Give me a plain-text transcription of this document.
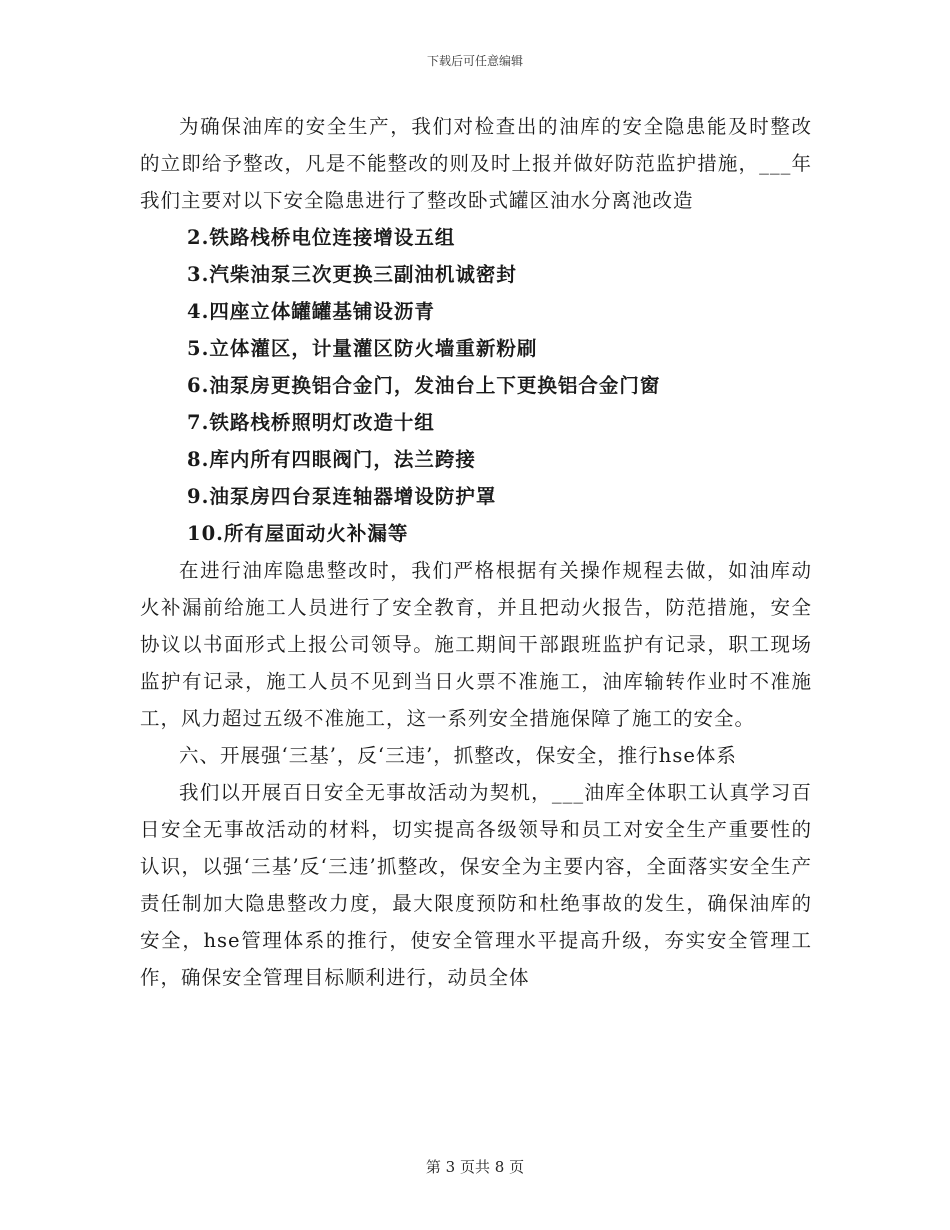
下载后可任意编辑

为确保油库的安全生产，我们对检查出的油库的安全隐患能及时整改的立即给予整改，凡是不能整改的则及时上报并做好防范监护措施，___年我们主要对以下安全隐患进行了整改卧式罐区油水分离池改造

2.铁路栈桥电位连接增设五组
3.汽柴油泵三次更换三副油机诚密封
4.四座立体罐罐基铺设沥青
5.立体灌区，计量灌区防火墙重新粉刷
6.油泵房更换铝合金门，发油台上下更换铝合金门窗
7.铁路栈桥照明灯改造十组
8.库内所有四眼阀门，法兰跨接
9.油泵房四台泵连轴器增设防护罩
10.所有屋面动火补漏等

在进行油库隐患整改时，我们严格根据有关操作规程去做，如油库动火补漏前给施工人员进行了安全教育，并且把动火报告，防范措施，安全协议以书面形式上报公司领导。施工期间干部跟班监护有记录，职工现场监护有记录，施工人员不见到当日火票不准施工，油库输转作业时不准施工，风力超过五级不准施工，这一系列安全措施保障了施工的安全。

六、开展强‘三基’，反‘三违’，抓整改，保安全，推行hse体系

我们以开展百日安全无事故活动为契机，___油库全体职工认真学习百日安全无事故活动的材料，切实提高各级领导和员工对安全生产重要性的认识，以强‘三基’反‘三违’抓整改，保安全为主要内容，全面落实安全生产责任制加大隐患整改力度，最大限度预防和杜绝事故的发生，确保油库的安全，hse管理体系的推行，使安全管理水平提高升级，夯实安全管理工作，确保安全管理目标顺利进行，动员全体

第 3 页共 8 页
